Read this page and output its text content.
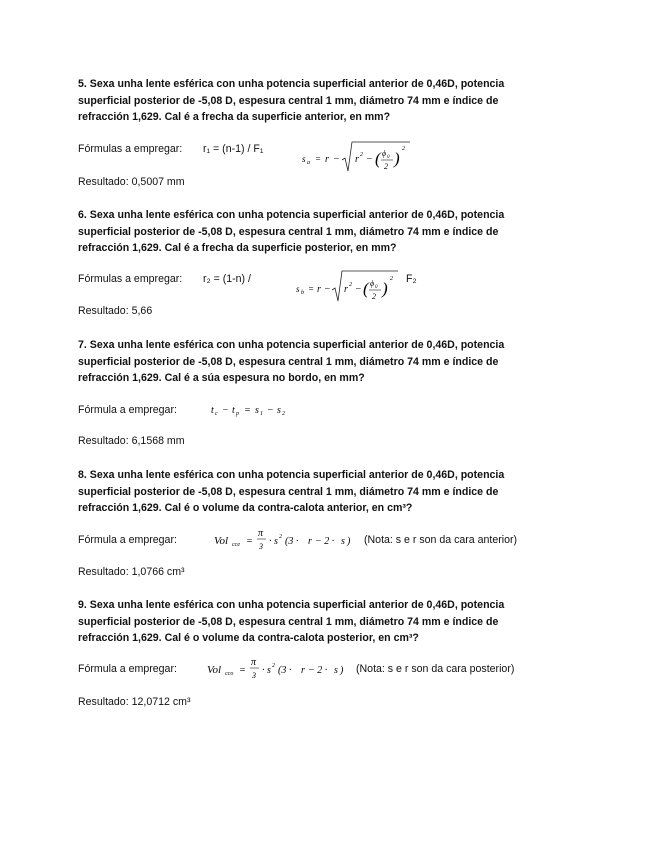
5. Sexa unha lente esférica con unha potencia superficial anterior de 0,46D, potencia superficial posterior de -5,08 D, espesura central 1 mm, diámetro 74 mm e índice de refracción 1,629. Cal é a frecha da superficie anterior, en mm?
Fórmulas a empregar: r₁ = (n-1) / F₁
s a = r − r 2 − ( ϕ 0
2 ) 2
Resultado: 0,5007 mm
6. Sexa unha lente esférica con unha potencia superficial anterior de 0,46D, potencia superficial posterior de -5,08 D, espesura central 1 mm, diámetro 74 mm e índice de refracción 1,629. Cal é a frecha da superficie posterior, en mm?
Fórmulas a empregar: r₂ = (1-n) /
s b = r − r 2 − ( ϕ 0
2 ) 2 F₂
Resultado: 5,66
7. Sexa unha lente esférica con unha potencia superficial anterior de 0,46D, potencia superficial posterior de -5,08 D, espesura central 1 mm, diámetro 74 mm e índice de refracción 1,629. Cal é a súa espesura no bordo, en mm?
Fórmula a empregar:	t c − t p = s 1 − s 2
Resultado: 6,1568 mm
8. Sexa unha lente esférica con unha potencia superficial anterior de 0,46D, potencia superficial posterior de -5,08 D, espesura central 1 mm, diámetro 74 mm e índice de refracción 1,629. Cal é o volume da contra-calota anterior, en cm³?
Fórmula a empregar:	Vol cce =
π
3 · s 2 (3 · r − 2 · s ) (Nota: s e r son da cara anterior)
Resultado: 1,0766 cm³
9. Sexa unha lente esférica con unha potencia superficial anterior de 0,46D, potencia superficial posterior de -5,08 D, espesura central 1 mm, diámetro 74 mm e índice de refracción 1,629. Cal é o volume da contra-calota posterior, en cm³?
Fórmula a empregar:	Vol cco =
π
3 · s 2 (3 · r − 2 · s ) (Nota: s e r son da cara posterior)
Resultado: 12,0712 cm³
